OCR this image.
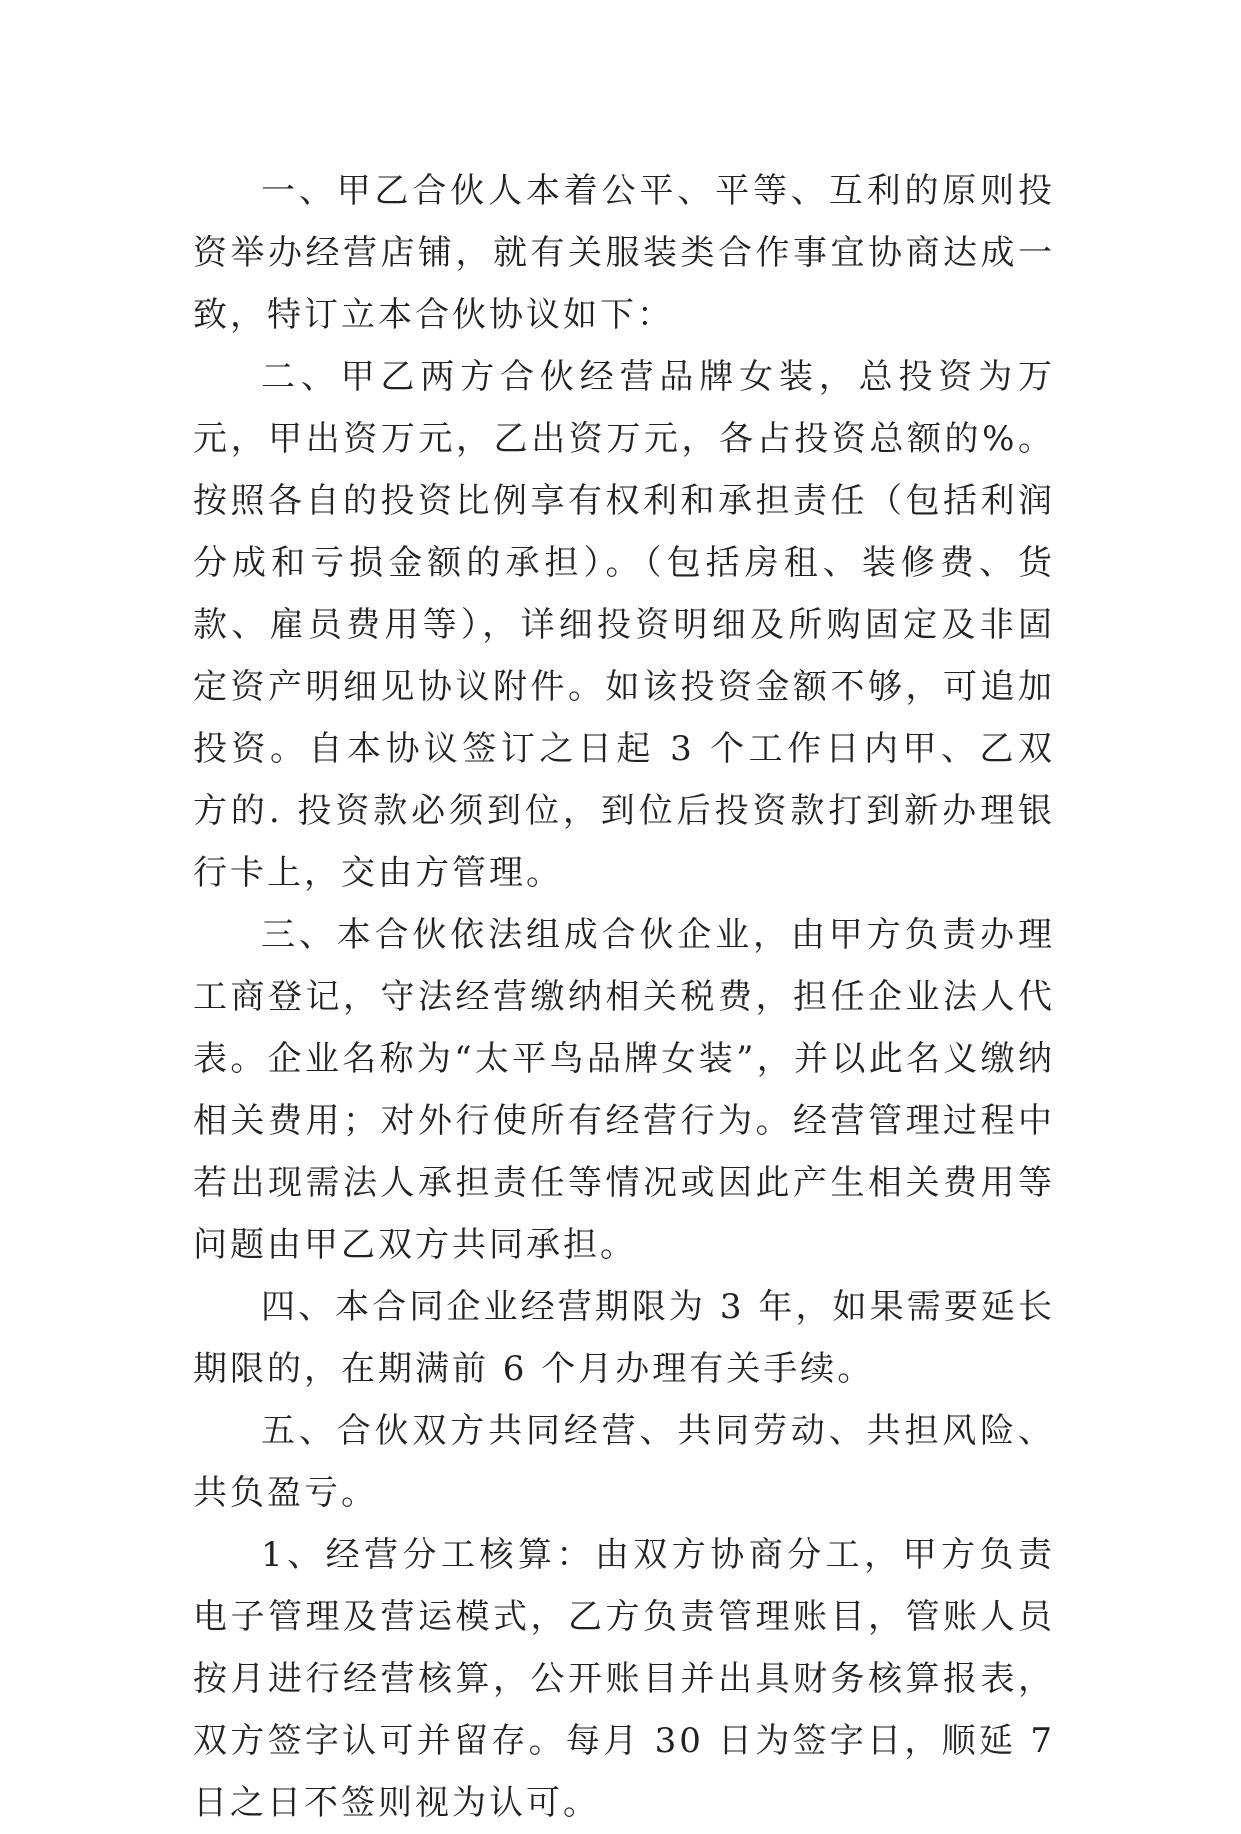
一、甲乙合伙人本着公平、平等、互利的原则投资举办经营店铺，就有关服装类合作事宜协商达成一致，特订立本合伙协议如下：

二、甲乙两方合伙经营品牌女装，总投资为万元，甲出资万元，乙出资万元，各占投资总额的%。按照各自的投资比例享有权利和承担责任（包括利润分成和亏损金额的承担）。（包括房租、装修费、货款、雇员费用等），详细投资明细及所购固定及非固定资产明细见协议附件。如该投资金额不够，可追加投资。自本协议签订之日起 3 个工作日内甲、乙双方的. 投资款必须到位，到位后投资款打到新办理银行卡上，交由方管理。

三、本合伙依法组成合伙企业，由甲方负责办理工商登记，守法经营缴纳相关税费，担任企业法人代表。企业名称为“太平鸟品牌女装”，并以此名义缴纳相关费用；对外行使所有经营行为。经营管理过程中若出现需法人承担责任等情况或因此产生相关费用等问题由甲乙双方共同承担。

四、本合同企业经营期限为 3 年，如果需要延长期限的，在期满前 6 个月办理有关手续。

五、合伙双方共同经营、共同劳动、共担风险、共负盈亏。

1、经营分工核算：由双方协商分工，甲方负责电子管理及营运模式，乙方负责管理账目，管账人员按月进行经营核算，公开账目并出具财务核算报表，双方签字认可并留存。每月 30 日为签字日，顺延 7 日之日不签则视为认可。
